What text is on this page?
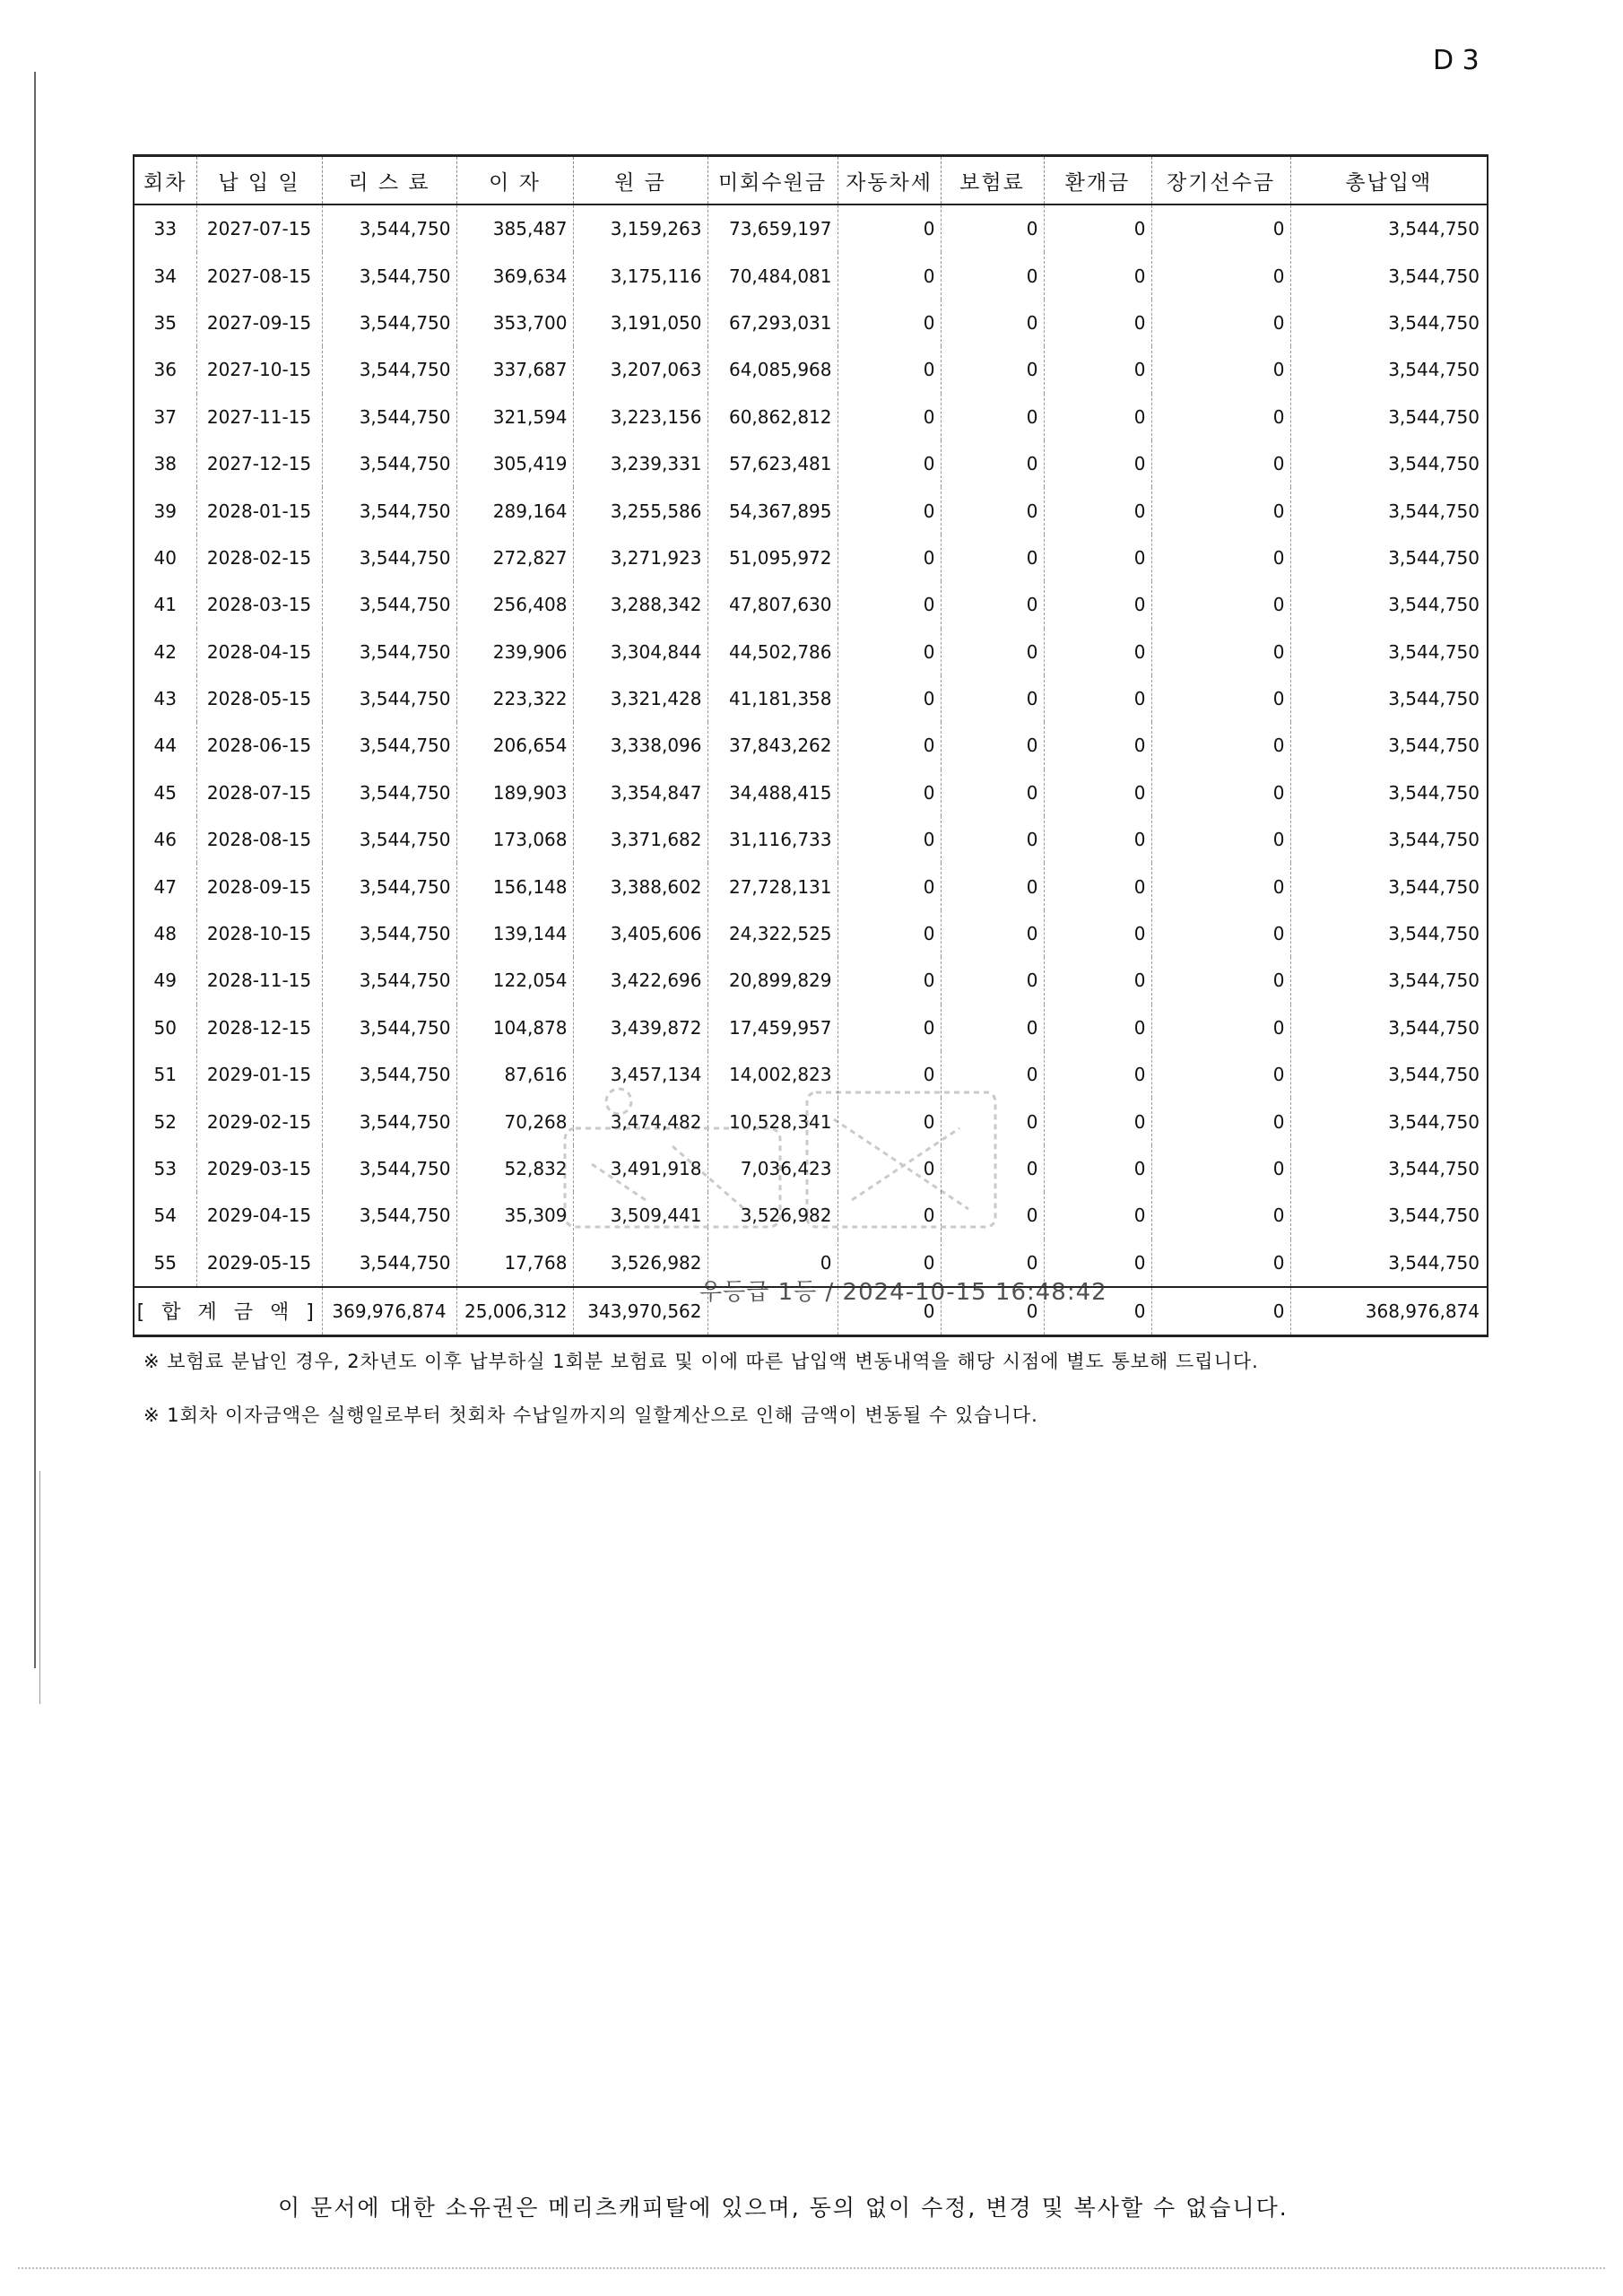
D 3
회차	납 입 일	리 스 료	이 자	원 금	미회수원금	자동차세	보험료	환개금	장기선수금	총납입액
33	2027-07-15	3,544,750	385,487	3,159,263	73,659,197	0	0	0	0	3,544,750
34	2027-08-15	3,544,750	369,634	3,175,116	70,484,081	0	0	0	0	3,544,750
35	2027-09-15	3,544,750	353,700	3,191,050	67,293,031	0	0	0	0	3,544,750
36	2027-10-15	3,544,750	337,687	3,207,063	64,085,968	0	0	0	0	3,544,750
37	2027-11-15	3,544,750	321,594	3,223,156	60,862,812	0	0	0	0	3,544,750
38	2027-12-15	3,544,750	305,419	3,239,331	57,623,481	0	0	0	0	3,544,750
39	2028-01-15	3,544,750	289,164	3,255,586	54,367,895	0	0	0	0	3,544,750
40	2028-02-15	3,544,750	272,827	3,271,923	51,095,972	0	0	0	0	3,544,750
41	2028-03-15	3,544,750	256,408	3,288,342	47,807,630	0	0	0	0	3,544,750
42	2028-04-15	3,544,750	239,906	3,304,844	44,502,786	0	0	0	0	3,544,750
43	2028-05-15	3,544,750	223,322	3,321,428	41,181,358	0	0	0	0	3,544,750
44	2028-06-15	3,544,750	206,654	3,338,096	37,843,262	0	0	0	0	3,544,750
45	2028-07-15	3,544,750	189,903	3,354,847	34,488,415	0	0	0	0	3,544,750
46	2028-08-15	3,544,750	173,068	3,371,682	31,116,733	0	0	0	0	3,544,750
47	2028-09-15	3,544,750	156,148	3,388,602	27,728,131	0	0	0	0	3,544,750
48	2028-10-15	3,544,750	139,144	3,405,606	24,322,525	0	0	0	0	3,544,750
49	2028-11-15	3,544,750	122,054	3,422,696	20,899,829	0	0	0	0	3,544,750
50	2028-12-15	3,544,750	104,878	3,439,872	17,459,957	0	0	0	0	3,544,750
51	2029-01-15	3,544,750	87,616	3,457,134	14,002,823	0	0	0	0	3,544,750
52	2029-02-15	3,544,750	70,268	3,474,482	10,528,341	0	0	0	0	3,544,750
53	2029-03-15	3,544,750	52,832	3,491,918	7,036,423	0	0	0	0	3,544,750
54	2029-04-15	3,544,750	35,309	3,509,441	3,526,982	0	0	0	0	3,544,750
55	2029-05-15	3,544,750	17,768	3,526,982	0	0	0	0	0	3,544,750
[ 합 계 금 액 ]		369,976,874	25,006,312	343,970,562		0	0	0	0	368,976,874
우등급 1등 / 2024-10-15 16:48:42
※ 보험료 분납인 경우, 2차년도 이후 납부하실 1회분 보험료 및 이에 따른 납입액 변동내역을 해당 시점에 별도 통보해 드립니다.
※ 1회차 이자금액은 실행일로부터 첫회차 수납일까지의 일할계산으로 인해 금액이 변동될 수 있습니다.
이 문서에 대한 소유권은 메리츠캐피탈에 있으며, 동의 없이 수정, 변경 및 복사할 수 없습니다.
